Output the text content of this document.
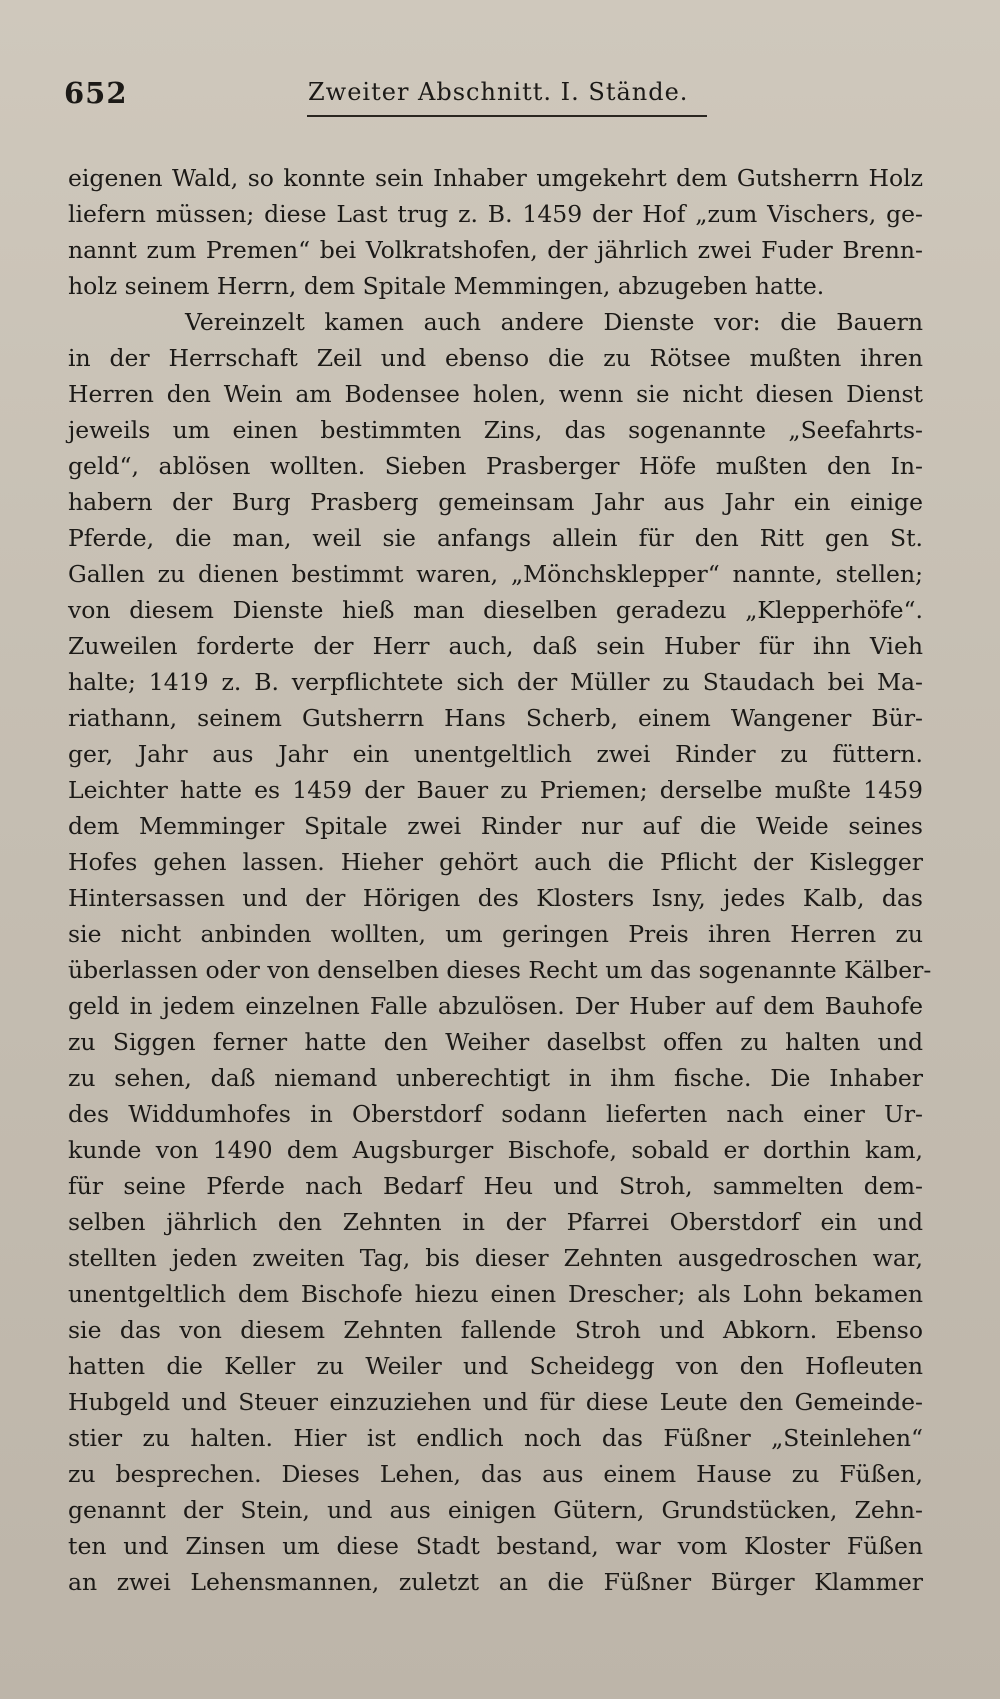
652	Zweiter Abschnitt. I. Stände.
eigenen Wald, so konnte sein Inhaber umgekehrt dem Gutsherrn Holz
liefern müssen; diese Last trug z. B. 1459 der Hof „zum Vischers, ge-
nannt zum Premen“ bei Volkratshofen, der jährlich zwei Fuder Brenn-
holz seinem Herrn, dem Spitale Memmingen, abzugeben hatte.
Vereinzelt kamen auch andere Dienste vor: die Bauern
in der Herrschaft Zeil und ebenso die zu Rötsee mußten ihren
Herren den Wein am Bodensee holen, wenn sie nicht diesen Dienst
jeweils um einen bestimmten Zins, das sogenannte „Seefahrts-
geld“, ablösen wollten. Sieben Prasberger Höfe mußten den In-
habern der Burg Prasberg gemeinsam Jahr aus Jahr ein einige
Pferde, die man, weil sie anfangs allein für den Ritt gen St.
Gallen zu dienen bestimmt waren, „Mönchsklepper“ nannte, stellen;
von diesem Dienste hieß man dieselben geradezu „Klepperhöfe“.
Zuweilen forderte der Herr auch, daß sein Huber für ihn Vieh
halte; 1419 z. B. verpflichtete sich der Müller zu Staudach bei Ma-
riathann, seinem Gutsherrn Hans Scherb, einem Wangener Bür-
ger, Jahr aus Jahr ein unentgeltlich zwei Rinder zu füttern.
Leichter hatte es 1459 der Bauer zu Priemen; derselbe mußte 1459
dem Memminger Spitale zwei Rinder nur auf die Weide seines
Hofes gehen lassen. Hieher gehört auch die Pflicht der Kislegger
Hintersassen und der Hörigen des Klosters Isny, jedes Kalb, das
sie nicht anbinden wollten, um geringen Preis ihren Herren zu
überlassen oder von denselben dieses Recht um das sogenannte Kälber-
geld in jedem einzelnen Falle abzulösen. Der Huber auf dem Bauhofe
zu Siggen ferner hatte den Weiher daselbst offen zu halten und
zu sehen, daß niemand unberechtigt in ihm fische. Die Inhaber
des Widdumhofes in Oberstdorf sodann lieferten nach einer Ur-
kunde von 1490 dem Augsburger Bischofe, sobald er dorthin kam,
für seine Pferde nach Bedarf Heu und Stroh, sammelten dem-
selben jährlich den Zehnten in der Pfarrei Oberstdorf ein und
stellten jeden zweiten Tag, bis dieser Zehnten ausgedroschen war,
unentgeltlich dem Bischofe hiezu einen Drescher; als Lohn bekamen
sie das von diesem Zehnten fallende Stroh und Abkorn. Ebenso
hatten die Keller zu Weiler und Scheidegg von den Hofleuten
Hubgeld und Steuer einzuziehen und für diese Leute den Gemeinde-
stier zu halten. Hier ist endlich noch das Füßner „Steinlehen“
zu besprechen. Dieses Lehen, das aus einem Hause zu Füßen,
genannt der Stein, und aus einigen Gütern, Grundstücken, Zehn-
ten und Zinsen um diese Stadt bestand, war vom Kloster Füßen
an zwei Lehensmannen, zuletzt an die Füßner Bürger Klammer
